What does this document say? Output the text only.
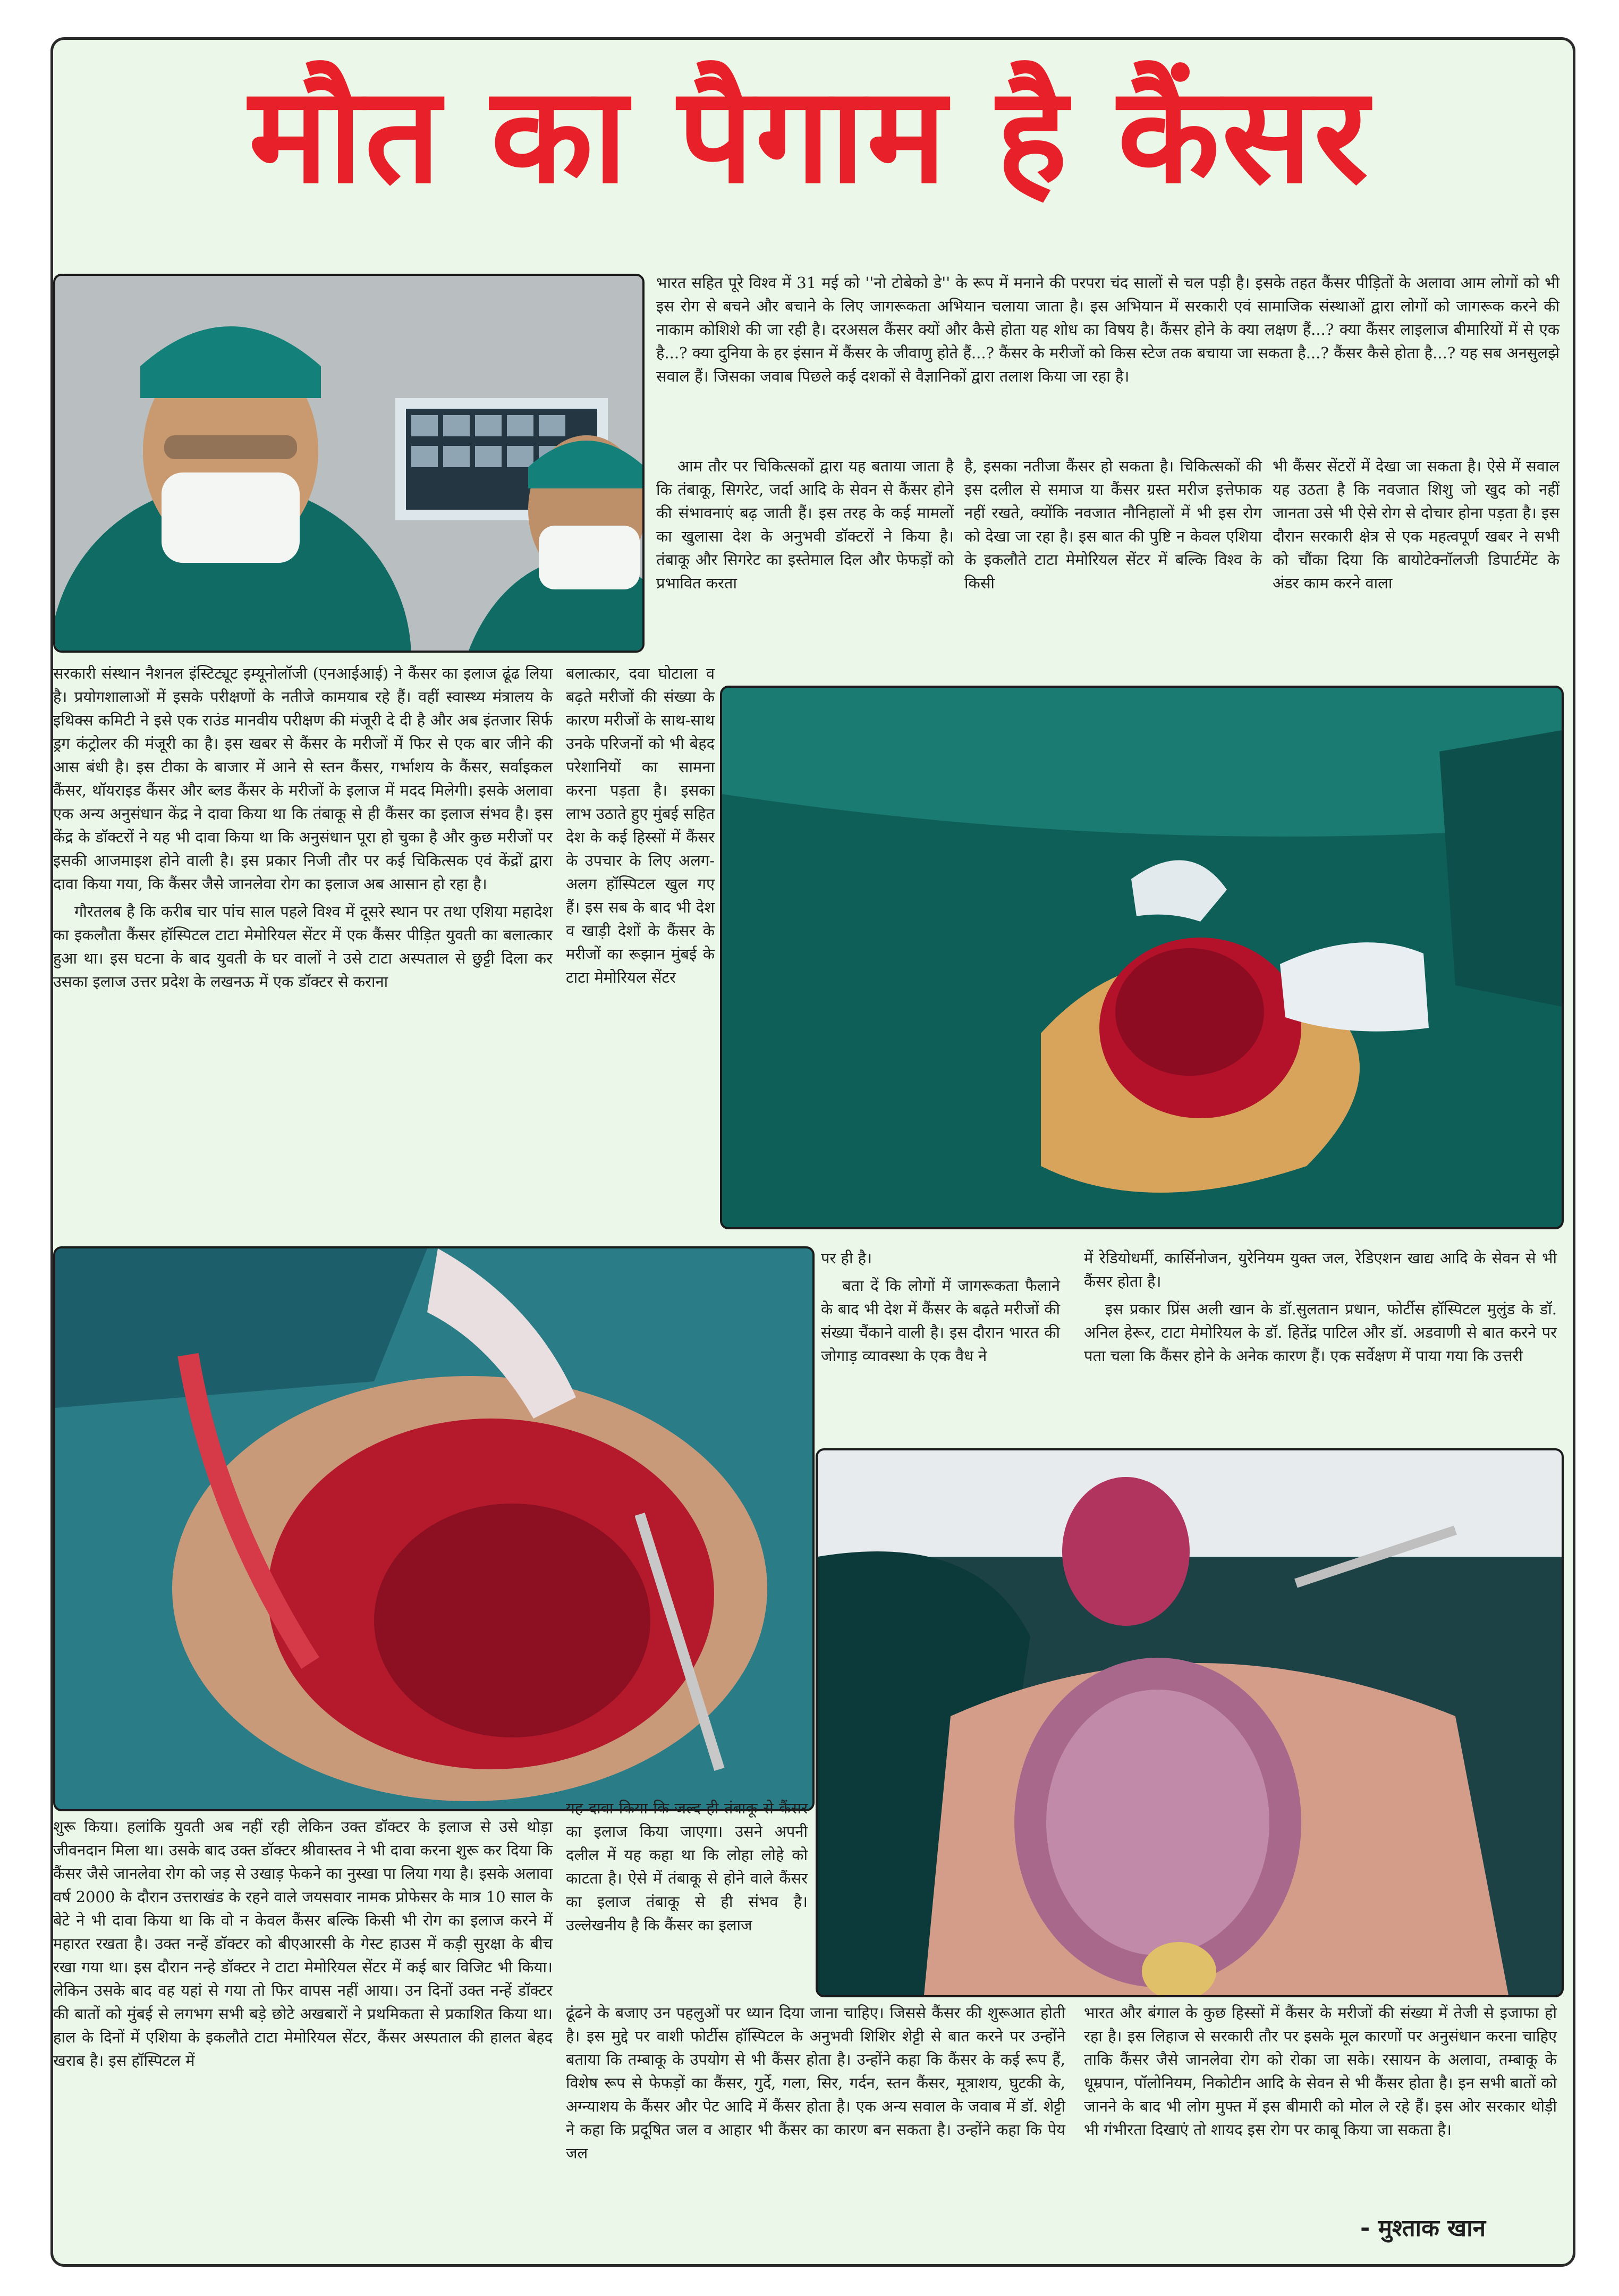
मौत का पैगाम है कैंसर

भारत सहित पूरे विश्व में 31 मई को ''नो टोबेको डे'' के रूप में मनाने की परपरा चंद सालों से चल पड़ी है। इसके तहत कैंसर पीड़ितों के अलावा आम लोगों को भी इस रोग से बचने और बचाने के लिए जागरूकता अभियान चलाया जाता है। इस अभियान में सरकारी एवं सामाजिक संस्थाओं द्वारा लोगों को जागरूक करने की नाकाम कोशिशे की जा रही है। दरअसल कैंसर क्यों और कैसे होता यह शोध का विषय है। कैंसर होने के क्या लक्षण हैं...? क्या कैंसर लाइलाज बीमारियों में से एक है...? क्या दुनिया के हर इंसान में कैंसर के जीवाणु होते हैं...? कैंसर के मरीजों को किस स्टेज तक बचाया जा सकता है...? कैंसर कैसे होता है...? यह सब अनसुलझे सवाल हैं। जिसका जवाब पिछले कई दशकों से वैज्ञानिकों द्वारा तलाश किया जा रहा है।

आम तौर पर चिकित्सकों द्वारा यह बताया जाता है कि तंबाकू, सिगरेट, जर्दा आदि के सेवन से कैंसर होने की संभावनाएं बढ़ जाती हैं। इस तरह के कई मामलों का खुलासा देश के अनुभवी डॉक्टरों ने किया है। तंबाकू और सिगरेट का इस्तेमाल दिल और फेफड़ों को प्रभावित करता

है, इसका नतीजा कैंसर हो सकता है। चिकित्सकों की इस दलील से समाज या कैंसर ग्रस्त मरीज इत्तेफाक नहीं रखते, क्योंकि नवजात नौनिहालों में भी इस रोग को देखा जा रहा है। इस बात की पुष्टि न केवल एशिया के इकलौते टाटा मेमोरियल सेंटर में बल्कि विश्व के किसी

भी कैंसर सेंटरों में देखा जा सकता है। ऐसे में सवाल यह उठता है कि नवजात शिशु जो खुद को नहीं जानता उसे भी ऐसे रोग से दोचार होना पड़ता है। इस दौरान सरकारी क्षेत्र से एक महत्वपूर्ण खबर ने सभी को चौंका दिया कि बायोटेक्नॉलजी डिपार्टमेंट के अंडर काम करने वाला

सरकारी संस्थान नैशनल इंस्टिट्यूट इम्यूनोलॉजी (एनआईआई) ने कैंसर का इलाज ढूंढ लिया है। प्रयोगशालाओं में इसके परीक्षणों के नतीजे कामयाब रहे हैं। वहीं स्वास्थ्य मंत्रालय के इथिक्स कमिटी ने इसे एक राउंड मानवीय परीक्षण की मंजूरी दे दी है और अब इंतजार सिर्फ ड्रग कंट्रोलर की मंजूरी का है। इस खबर से कैंसर के मरीजों में फिर से एक बार जीने की आस बंधी है। इस टीका के बाजार में आने से स्तन कैंसर, गर्भाशय के कैंसर, सर्वाइकल कैंसर, थॉयराइड कैंसर और ब्लड कैंसर के मरीजों के इलाज में मदद मिलेगी। इसके अलावा एक अन्य अनुसंधान केंद्र ने दावा किया था कि तंबाकू से ही कैंसर का इलाज संभव है। इस केंद्र के डॉक्टरों ने यह भी दावा किया था कि अनुसंधान पूरा हो चुका है और कुछ मरीजों पर इसकी आजमाइश होने वाली है। इस प्रकार निजी तौर पर कई चिकित्सक एवं केंद्रों द्वारा दावा किया गया, कि कैंसर जैसे जानलेवा रोग का इलाज अब आसान हो रहा है।

गौरतलब है कि करीब चार पांच साल पहले विश्व में दूसरे स्थान पर तथा एशिया महादेश का इकलौता कैंसर हॉस्पिटल टाटा मेमोरियल सेंटर में एक कैंसर पीड़ित युवती का बलात्कार हुआ था। इस घटना के बाद युवती के घर वालों ने उसे टाटा अस्पताल से छुट्टी दिला कर उसका इलाज उत्तर प्रदेश के लखनऊ में एक डॉक्टर से कराना

बलात्कार, दवा घोटाला व बढ़ते मरीजों की संख्या के कारण मरीजों के साथ-साथ उनके परिजनों को भी बेहद परेशानियों का सामना करना पड़ता है। इसका लाभ उठाते हुए मुंबई सहित देश के कई हिस्सों में कैंसर के उपचार के लिए अलग- अलग हॉस्पिटल खुल गए हैं। इस सब के बाद भी देश व खाड़ी देशों के कैंसर के मरीजों का रूझान मुंबई के टाटा मेमोरियल सेंटर

पर ही है।

बता दें कि लोगों में जागरूकता फैलाने के बाद भी देश में कैंसर के बढ़ते मरीजों की संख्या चैंकाने वाली है। इस दौरान भारत की जोगाड़ व्यावस्था के एक वैध ने

में रेडियोधर्मी, कार्सिनोजन, युरेनियम युक्त जल, रेडिएशन खाद्य आदि के सेवन से भी कैंसर होता है।

इस प्रकार प्रिंस अली खान के डॉ.सुलतान प्रधान, फोर्टीस हॉस्पिटल मुलुंड के डॉ. अनिल हेरूर, टाटा मेमोरियल के डॉ. हितेंद्र पाटिल और डॉ. अडवाणी से बात करने पर पता चला कि कैंसर होने के अनेक कारण हैं। एक सर्वेक्षण में पाया गया कि उत्तरी

शुरू किया। हलांकि युवती अब नहीं रही लेकिन उक्त डॉक्टर के इलाज से उसे थोड़ा जीवनदान मिला था। उसके बाद उक्त डॉक्टर श्रीवास्तव ने भी दावा करना शुरू कर दिया कि कैंसर जैसे जानलेवा रोग को जड़ से उखाड़ फेकने का नुस्खा पा लिया गया है। इसके अलावा वर्ष 2000 के दौरान उत्तराखंड के रहने वाले जयसवार नामक प्रोफेसर के मात्र 10 साल के बेटे ने भी दावा किया था कि वो न केवल कैंसर बल्कि किसी भी रोग का इलाज करने में महारत रखता है। उक्त नन्हें डॉक्टर को बीएआरसी के गेस्ट हाउस में कड़ी सुरक्षा के बीच रखा गया था। इस दौरान नन्हे डॉक्टर ने टाटा मेमोरियल सेंटर में कई बार विजिट भी किया। लेकिन उसके बाद वह यहां से गया तो फिर वापस नहीं आया। उन दिनों उक्त नन्हें डॉक्टर की बातों को मुंबई से लगभग सभी बड़े छोटे अखबारों ने प्रथमिकता से प्रकाशित किया था। हाल के दिनों में एशिया के इकलौते टाटा मेमोरियल सेंटर, कैंसर अस्पताल की हालत बेहद खराब है। इस हॉस्पिटल में

यह दावा किया कि जल्द ही तंबाकू से कैंसर का इलाज किया जाएगा। उसने अपनी दलील में यह कहा था कि लोहा लोहे को काटता है। ऐसे में तंबाकू से होने वाले कैंसर का इलाज तंबाकू से ही संभव है। उल्लेखनीय है कि कैंसर का इलाज

ढूंढने के बजाए उन पहलुओं पर ध्यान दिया जाना चाहिए। जिससे कैंसर की शुरूआत होती है। इस मुद्दे पर वाशी फोर्टीस हॉस्पिटल के अनुभवी शिशिर शेट्टी से बात करने पर उन्होंने बताया कि तम्बाकू के उपयोग से भी कैंसर होता है। उन्होंने कहा कि कैंसर के कई रूप हैं, विशेष रूप से फेफड़ों का कैंसर, गुर्दे, गला, सिर, गर्दन, स्तन कैंसर, मूत्राशय, घुटकी के, अग्न्याशय के कैंसर और पेट आदि में कैंसर होता है। एक अन्य सवाल के जवाब में डॉ. शेट्टी ने कहा कि प्रदूषित जल व आहार भी कैंसर का कारण बन सकता है। उन्होंने कहा कि पेय जल

भारत और बंगाल के कुछ हिस्सों में कैंसर के मरीजों की संख्या में तेजी से इजाफा हो रहा है। इस लिहाज से सरकारी तौर पर इसके मूल कारणों पर अनुसंधान करना चाहिए ताकि कैंसर जैसे जानलेवा रोग को रोका जा सके। रसायन के अलावा, तम्बाकू के धूम्रपान, पॉलोनियम, निकोटीन आदि के सेवन से भी कैंसर होता है। इन सभी बातों को जानने के बाद भी लोग मुफ्त में इस बीमारी को मोल ले रहे हैं। इस ओर सरकार थोड़ी भी गंभीरता दिखाएं तो शायद इस रोग पर काबू किया जा सकता है।

- मुश्ताक खान
